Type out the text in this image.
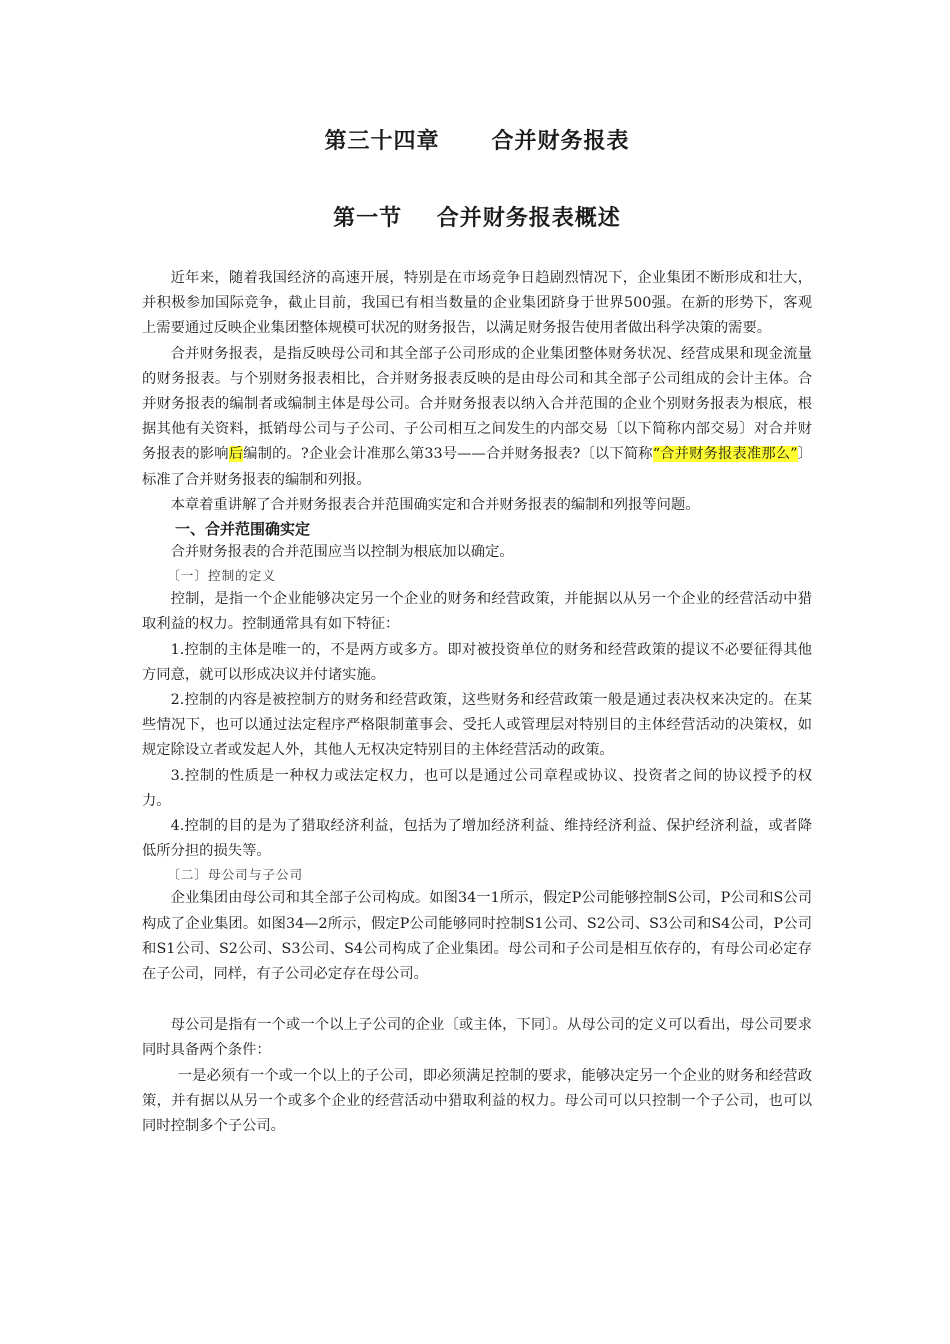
第三十四章      合并财务报表
第一节    合并财务报表概述

近年来，随着我国经济的高速开展，特别是在市场竞争日趋剧烈情况下，企业集团不断形成和壮大，并积极参加国际竞争，截止目前，我国已有相当数量的企业集团跻身于世界500强。在新的形势下，客观上需要通过反映企业集团整体规模可状况的财务报告，以满足财务报告使用者做出科学决策的需要。

合并财务报表，是指反映母公司和其全部子公司形成的企业集团整体财务状况、经营成果和现金流量的财务报表。与个别财务报表相比，合并财务报表反映的是由母公司和其全部子公司组成的会计主体。合并财务报表的编制者或编制主体是母公司。合并财务报表以纳入合并范围的企业个别财务报表为根底，根据其他有关资料，抵销母公司与子公司、子公司相互之间发生的内部交易〔以下简称内部交易〕对合并财务报表的影响后编制的。?企业会计准那么第33号——合并财务报表?〔以下简称“合并财务报表准那么”〕标准了合并财务报表的编制和列报。

本章着重讲解了合并财务报表合并范围确实定和合并财务报表的编制和列报等问题。

一、合并范围确实定

合并财务报表的合并范围应当以控制为根底加以确定。

〔一〕控制的定义

控制，是指一个企业能够决定另一个企业的财务和经营政策，并能据以从另一个企业的经营活动中猎取利益的权力。控制通常具有如下特征：

1.控制的主体是唯一的，不是两方或多方。即对被投资单位的财务和经营政策的提议不必要征得其他方同意，就可以形成决议并付诸实施。

2.控制的内容是被控制方的财务和经营政策，这些财务和经营政策一般是通过表决权来决定的。在某些情况下，也可以通过法定程序严格限制董事会、受托人或管理层对特别目的主体经营活动的决策权，如规定除设立者或发起人外，其他人无权决定特别目的主体经营活动的政策。

3.控制的性质是一种权力或法定权力，也可以是通过公司章程或协议、投资者之间的协议授予的权力。

4.控制的目的是为了猎取经济利益，包括为了增加经济利益、维持经济利益、保护经济利益，或者降低所分担的损失等。

〔二〕母公司与子公司

企业集团由母公司和其全部子公司构成。如图34一1所示，假定P公司能够控制S公司，P公司和S公司构成了企业集团。如图34—2所示，假定P公司能够同时控制S1公司、S2公司、S3公司和S4公司，P公司和S1公司、S2公司、S3公司、S4公司构成了企业集团。母公司和子公司是相互依存的，有母公司必定存在子公司，同样，有子公司必定存在母公司。

母公司是指有一个或一个以上子公司的企业〔或主体，下同〕。从母公司的定义可以看出，母公司要求同时具备两个条件：

一是必须有一个或一个以上的子公司，即必须满足控制的要求，能够决定另一个企业的财务和经营政策，并有据以从另一个或多个企业的经营活动中猎取利益的权力。母公司可以只控制一个子公司，也可以同时控制多个子公司。
